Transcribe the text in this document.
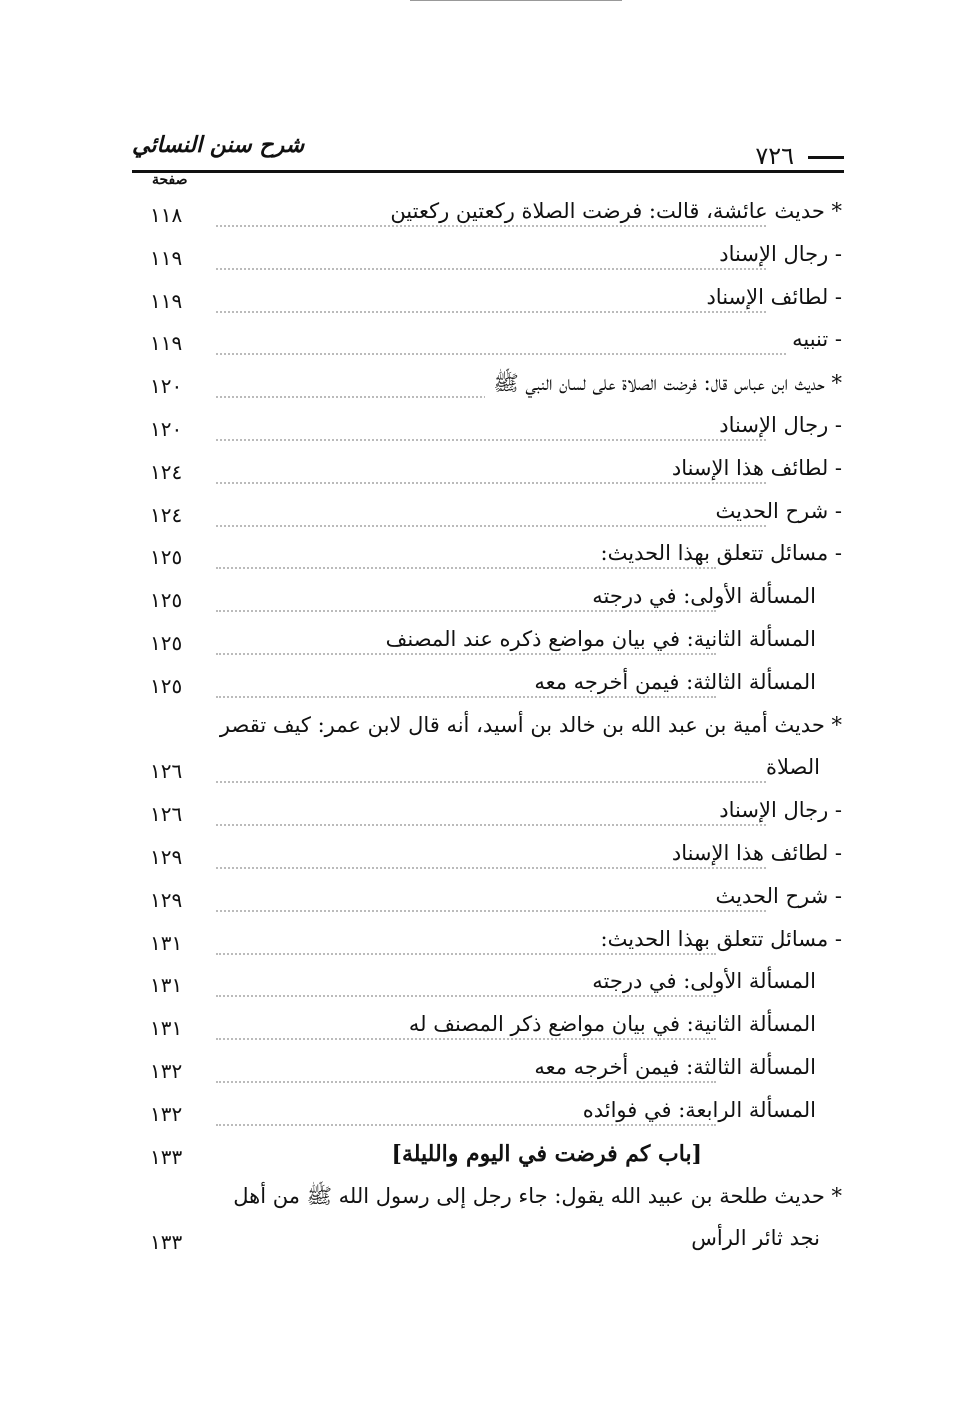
شرح سنن النسائي	٧٢٦
صفحة
١١٨	* حديث عائشة، قالت: فرضت الصلاة ركعتين ركعتين
١١٩	- رجال الإسناد
١١٩	- لطائف الإسناد
١١٩	- تنبيه
١٢٠	* حديث ابن عباس قال: فرضت الصلاة على لسان النبي ﷺ
١٢٠	- رجال الإسناد
١٢٤	- لطائف هذا الإسناد
١٢٤	- شرح الحديث
١٢٥	- مسائل تتعلق بهذا الحديث:
١٢٥	المسألة الأولى: في درجته
١٢٥	المسألة الثانية: في بيان مواضع ذكره عند المصنف
١٢٥	المسألة الثالثة: فيمن أخرجه معه
* حديث أمية بن عبد الله بن خالد بن أسيد، أنه قال لابن عمر: كيف تقصر
١٢٦	الصلاة
١٢٦	- رجال الإسناد
١٢٩	- لطائف هذا الإسناد
١٢٩	- شرح الحديث
١٣١	- مسائل تتعلق بهذا الحديث:
١٣١	المسألة الأولى: في درجته
١٣١	المسألة الثانية: في بيان مواضع ذكر المصنف له
١٣٢	المسألة الثالثة: فيمن أخرجه معه
١٣٢	المسألة الرابعة: في فوائده
١٣٣	[باب كم فرضت في اليوم والليلة]
* حديث طلحة بن عبيد الله يقول: جاء رجل إلى رسول الله ﷺ من أهل
١٣٣	نجد ثائر الرأس
